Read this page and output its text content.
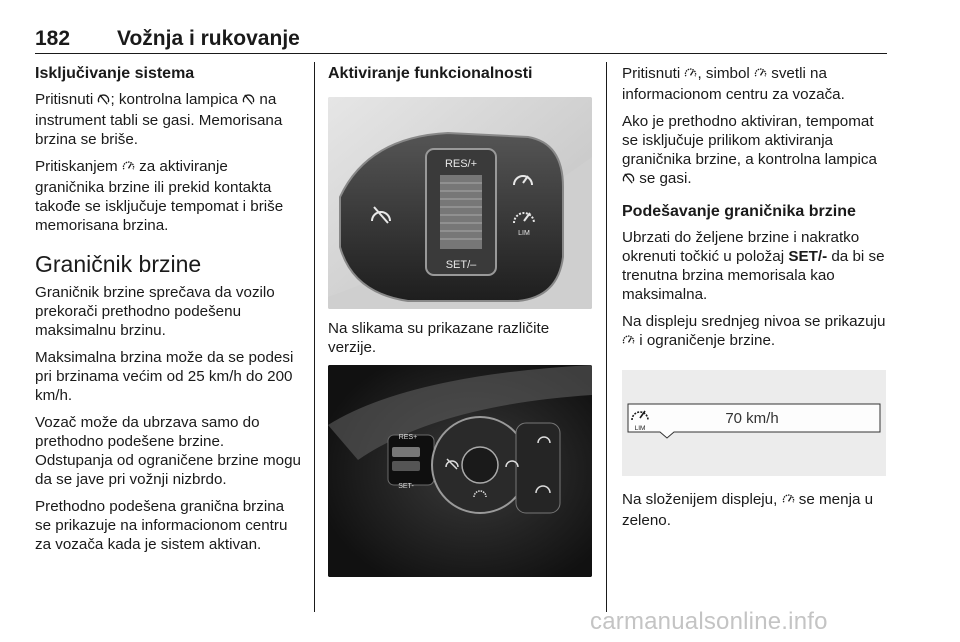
182 Vožnja i rukovanje
Isključivanje sistema

Pritisnuti ; kontrolna lampica  na instrument tabli se gasi. Memorisana brzina se briše.

Pritiskanjem  za aktiviranje graničnika brzine ili prekid kontakta takođe se isključuje tempomat i briše memorisana brzina.

Graničnik brzine

Graničnik brzine sprečava da vozilo prekorači prethodno podešenu maksimalnu brzinu.

Maksimalna brzina može da se podesi pri brzinama većim od 25 km/h do 200 km/h.

Vozač može da ubrzava samo do prethodno podešene brzine. Odstupanja od ograničene brzine mogu da se jave pri vožnji nizbrdo.

Prethodno podešena granična brzina se prikazuje na informacionom centru za vozača kada je sistem aktivan.

Aktiviranje funkcionalnosti
RES/+
SET/–
LIM

Na slikama su prikazane različite verzije.

RES+
SET-

Pritisnuti , simbol  svetli na informacionom centru za vozača.

Ako je prethodno aktiviran, tempomat se isključuje prilikom aktiviranja graničnika brzine, a kontrolna lampica  se gasi.

Podešavanje graničnika brzine

Ubrzati do željene brzine i nakratko okrenuti točkić u položaj SET/- da bi se trenutna brzina memorisala kao maksimalna.

Na displeju srednjeg nivoa se prikazuju  i ograničenje brzine.

LIM
70 km/h

Na složenijem displeju,  se menja u zeleno.

carmanualsonline.info
